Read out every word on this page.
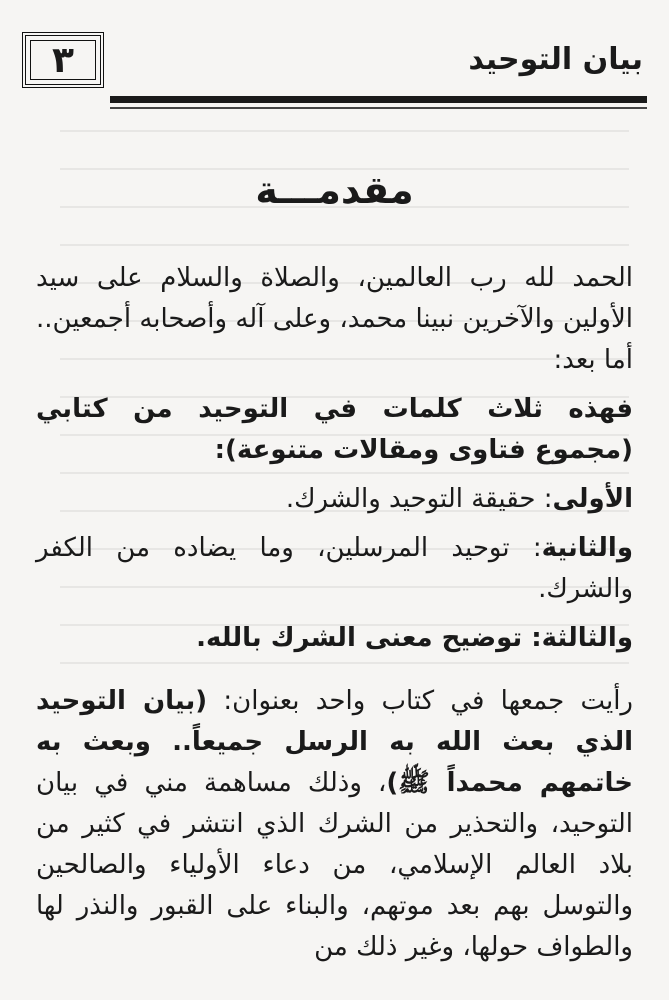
٣	بيان التوحيد
مقدمـــة

الحمد لله رب العالمين، والصلاة والسلام على سيد الأولين والآخرين نبينا محمد، وعلى آله وأصحابه أجمعين.. أما بعد:

فهذه ثلاث كلمات في التوحيد من كتابي (مجموع فتاوى ومقالات متنوعة):

الأولى: حقيقة التوحيد والشرك.

والثانية: توحيد المرسلين، وما يضاده من الكفر والشرك.

والثالثة: توضيح معنى الشرك بالله.

رأيت جمعها في كتاب واحد بعنوان: (بيان التوحيد الذي بعث الله به الرسل جميعاً.. وبعث به خاتمهم محمداً ﷺ)، وذلك مساهمة مني في بيان التوحيد، والتحذير من الشرك الذي انتشر في كثير من بلاد العالم الإسلامي، من دعاء الأولياء والصالحين والتوسل بهم بعد موتهم، والبناء على القبور والنذر لها والطواف حولها، وغير ذلك من
